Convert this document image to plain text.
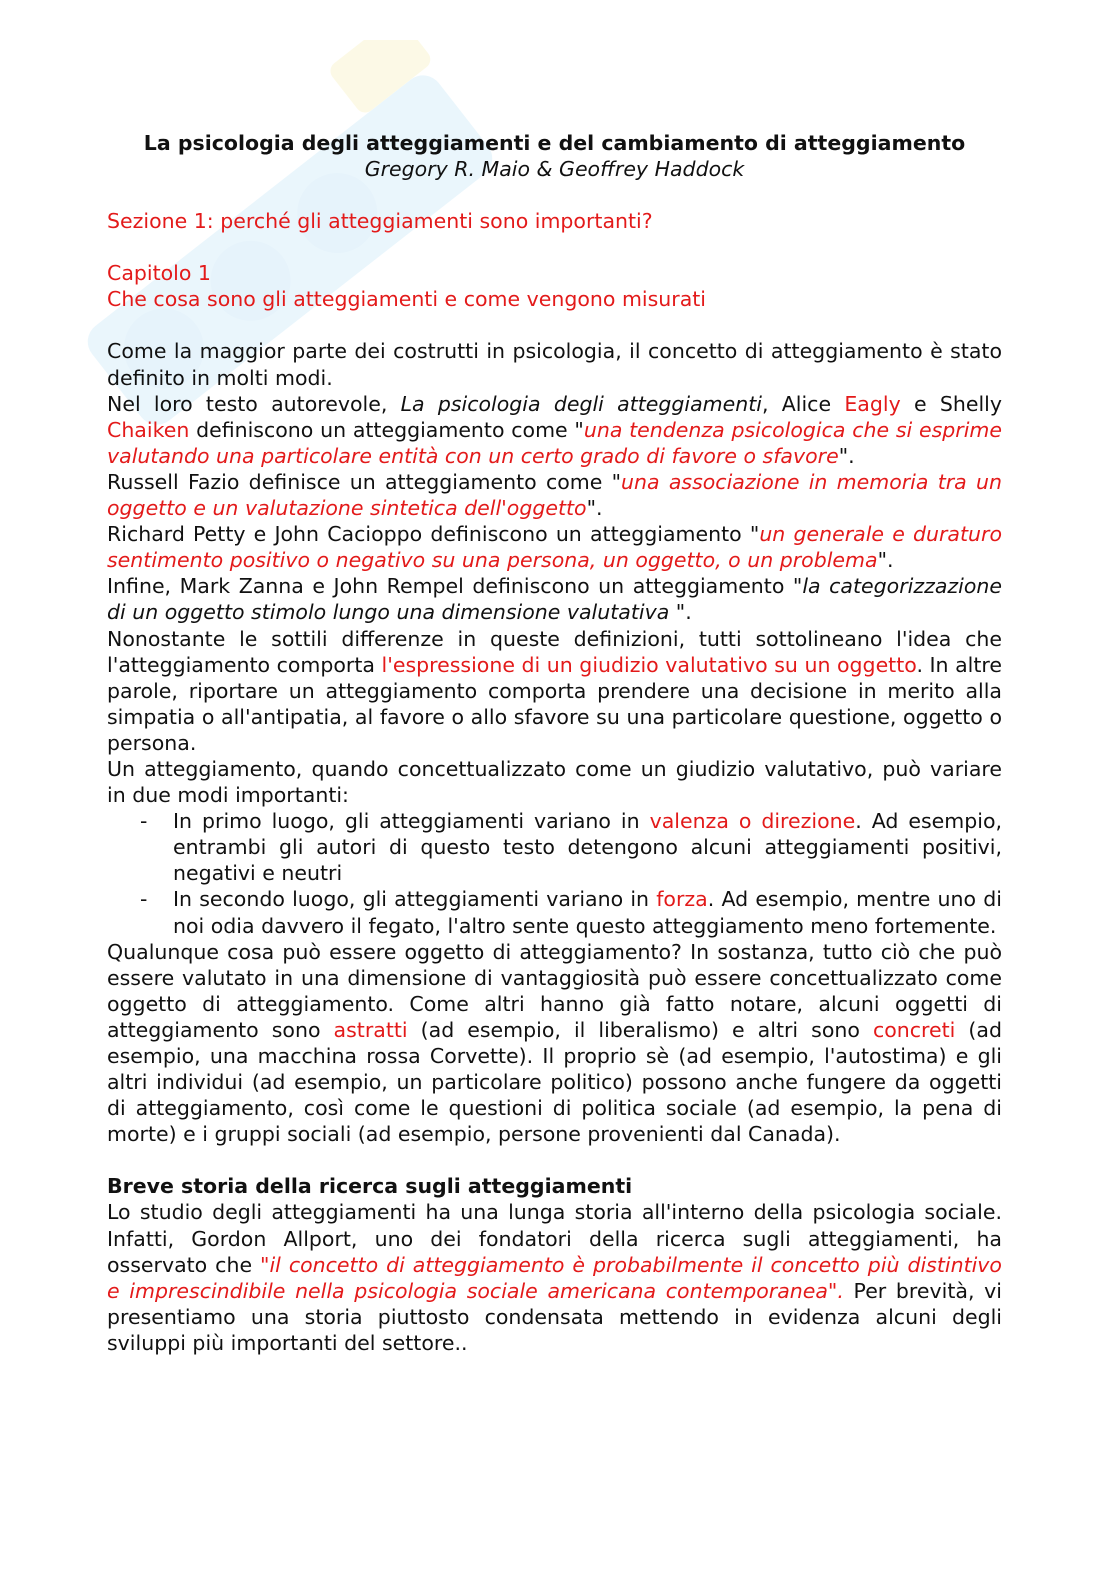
La psicologia degli atteggiamenti e del cambiamento di atteggiamento
Gregory R. Maio & Geoffrey Haddock
Sezione 1: perché gli atteggiamenti sono importanti?
Capitolo 1
Che cosa sono gli atteggiamenti e come vengono misurati

Come la maggior parte dei costrutti in psicologia, il concetto di atteggiamento è stato definito in molti modi.

Nel loro testo autorevole, La psicologia degli atteggiamenti, Alice Eagly e Shelly Chaiken definiscono un atteggiamento come "una tendenza psicologica che si esprime valutando una particolare entità con un certo grado di favore o sfavore".

Russell Fazio definisce un atteggiamento come "una associazione in memoria tra un oggetto e un valutazione sintetica dell'oggetto".

Richard Petty e John Cacioppo definiscono un atteggiamento "un generale e duraturo sentimento positivo o negativo su una persona, un oggetto, o un problema".

Infine, Mark Zanna e John Rempel definiscono un atteggiamento "la categorizzazione di un oggetto stimolo lungo una dimensione valutativa ".

Nonostante le sottili differenze in queste definizioni, tutti sottolineano l'idea che l'atteggiamento comporta l'espressione di un giudizio valutativo su un oggetto. In altre parole, riportare un atteggiamento comporta prendere una decisione in merito alla simpatia o all'antipatia, al favore o allo sfavore su una particolare questione, oggetto o persona.

Un atteggiamento, quando concettualizzato come un giudizio valutativo, può variare in due modi importanti:

- In primo luogo, gli atteggiamenti variano in valenza o direzione. Ad esempio, entrambi gli autori di questo testo detengono alcuni atteggiamenti positivi, negativi e neutri
- In secondo luogo, gli atteggiamenti variano in forza. Ad esempio, mentre uno di noi odia davvero il fegato, l'altro sente questo atteggiamento meno fortemente.

Qualunque cosa può essere oggetto di atteggiamento? In sostanza, tutto ciò che può essere valutato in una dimensione di vantaggiosità può essere concettualizzato come oggetto di atteggiamento. Come altri hanno già fatto notare, alcuni oggetti di atteggiamento sono astratti (ad esempio, il liberalismo) e altri sono concreti (ad esempio, una macchina rossa Corvette). Il proprio sè (ad esempio, l'autostima) e gli altri individui (ad esempio, un particolare politico) possono anche fungere da oggetti di atteggiamento, così come le questioni di politica sociale (ad esempio, la pena di morte) e i gruppi sociali (ad esempio, persone provenienti dal Canada).

Breve storia della ricerca sugli atteggiamenti

Lo studio degli atteggiamenti ha una lunga storia all'interno della psicologia sociale. Infatti, Gordon Allport, uno dei fondatori della ricerca sugli atteggiamenti, ha osservato che "il concetto di atteggiamento è probabilmente il concetto più distintivo e imprescindibile nella psicologia sociale americana contemporanea". Per brevità, vi presentiamo una storia piuttosto condensata mettendo in evidenza alcuni degli sviluppi più importanti del settore..
